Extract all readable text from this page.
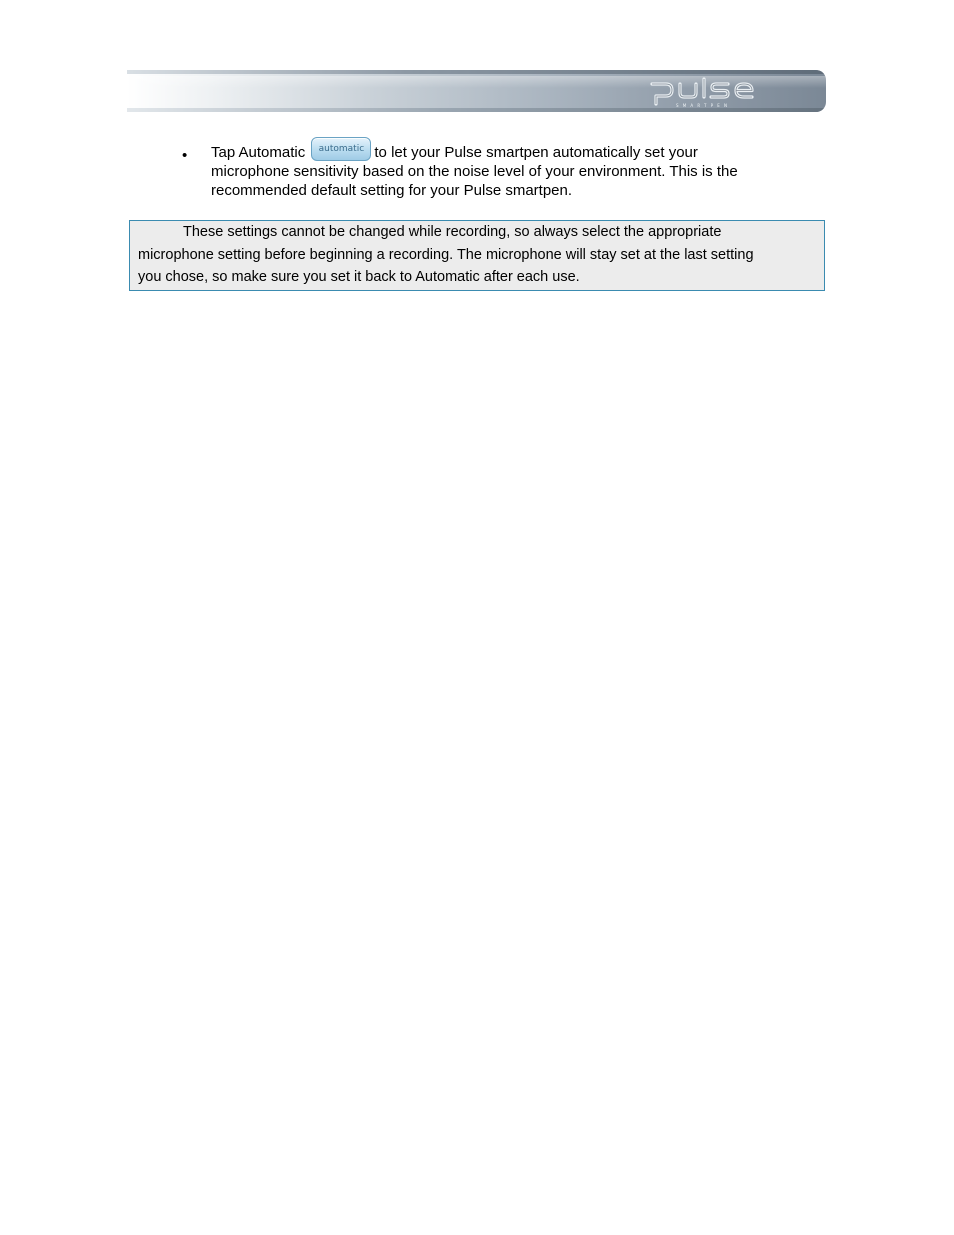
SMARTPEN
• Tap Automatic automatic to let your Pulse smartpen automatically set your
microphone sensitivity based on the noise level of your environment. This is the
recommended default setting for your Pulse smartpen.
These settings cannot be changed while recording, so always select the appropriate
microphone setting before beginning a recording. The microphone will stay set at the last setting
you chose, so make sure you set it back to Automatic after each use.
